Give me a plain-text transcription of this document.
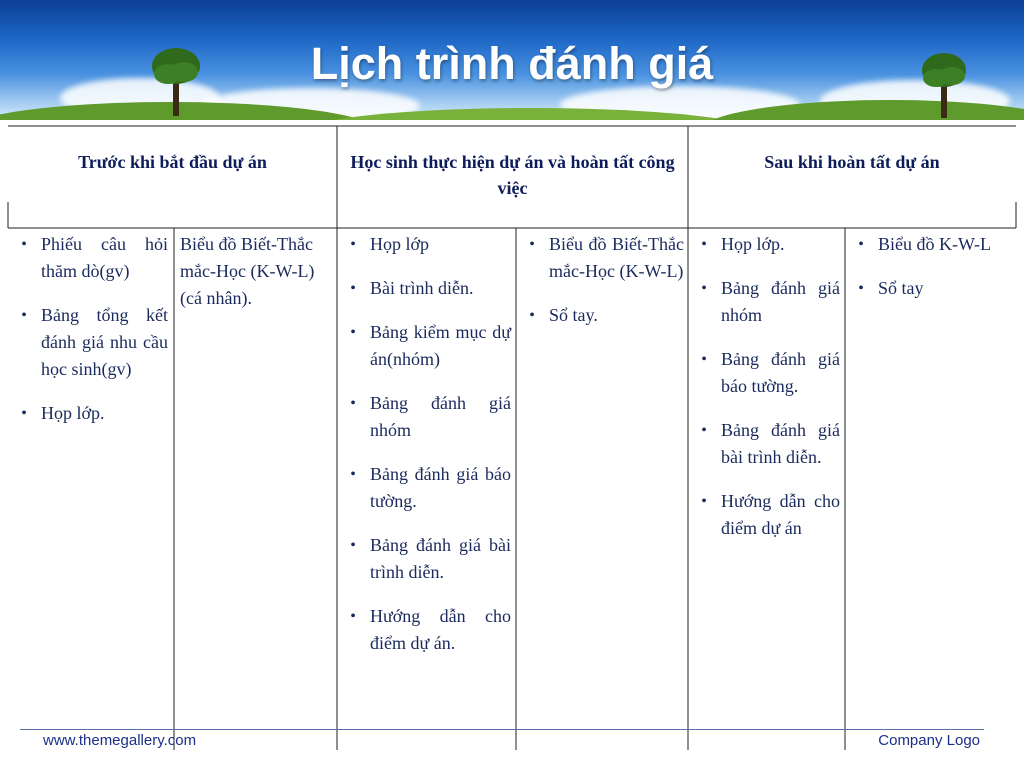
Lịch trình đánh giá
Trước khi bắt đầu dự án	Học sinh thực hiện dự án và hoàn tất công việc
Sau khi hoàn tất dự án
• Phiếu câu hỏi thăm dò(gv)
• Bảng tổng kết đánh giá nhu cầu học sinh(gv)
• Họp lớp.
Biểu đồ Biết-Thắc mắc-Học (K-W-L)(cá nhân).
• Họp lớp
• Bài trình diễn.
• Bảng kiểm mục dự án(nhóm)
• Bảng đánh giá nhóm
• Bảng đánh giá báo tường.
• Bảng đánh giá bài trình diễn.
• Hướng dẫn cho điểm dự án.
• Biểu đồ Biết-Thắc mắc-Học (K-W-L)
• Sổ tay.
• Họp lớp.
• Bảng đánh giá nhóm
• Bảng đánh giá báo tường.
• Bảng đánh giá bài trình diễn.
• Hướng dẫn cho điểm dự án
• Biểu đồ K-W-L
• Sổ tay
www.themegallery.com	Company Logo
